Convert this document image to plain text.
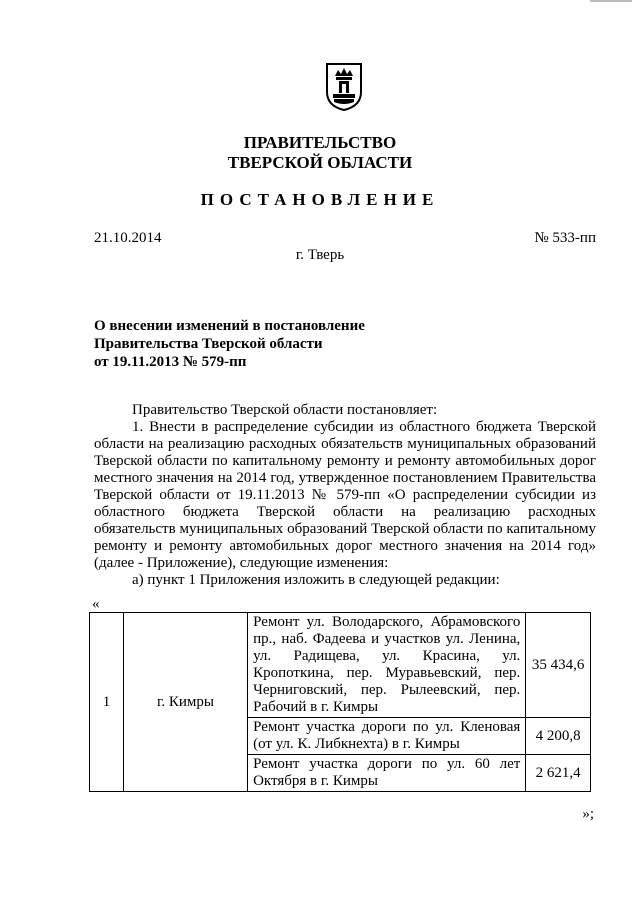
ПРАВИТЕЛЬСТВО
ТВЕРСКОЙ ОБЛАСТИ
ПОСТАНОВЛЕНИЕ
21.10.2014	№ 533-пп
г. Тверь
О внесении изменений в постановление
Правительства Тверской области
от 19.11.2013 № 579-пп
Правительство Тверской области постановляет:
1. Внести в распределение субсидии из областного бюджета Тверской области на реализацию расходных обязательств муниципальных образований Тверской области по капитальному ремонту и ремонту автомобильных дорог местного значения на 2014 год, утвержденное постановлением Правительства Тверской области от 19.11.2013 № 579-пп «О распределении субсидии из областного бюджета Тверской области на реализацию расходных обязательств муниципальных образований Тверской области по капитальному ремонту и ремонту автомобильных дорог местного значения на 2014 год» (далее - Приложение), следующие изменения:
а) пункт 1 Приложения изложить в следующей редакции:
«
1	г. Кимры	Ремонт ул. Володарского, Абрамовского пр., наб. Фадеева и участков ул. Ленина, ул. Радищева, ул. Красина, ул. Кропоткина, пер. Муравьевский, пер. Черниговский, пер. Рылеевский, пер. Рабочий в г. Кимры	35 434,6
		Ремонт участка дороги по ул. Кленовая (от ул. К. Либкнехта) в г. Кимры	4 200,8
		Ремонт участка дороги по ул. 60 лет Октября в г. Кимры	2 621,4
»;
